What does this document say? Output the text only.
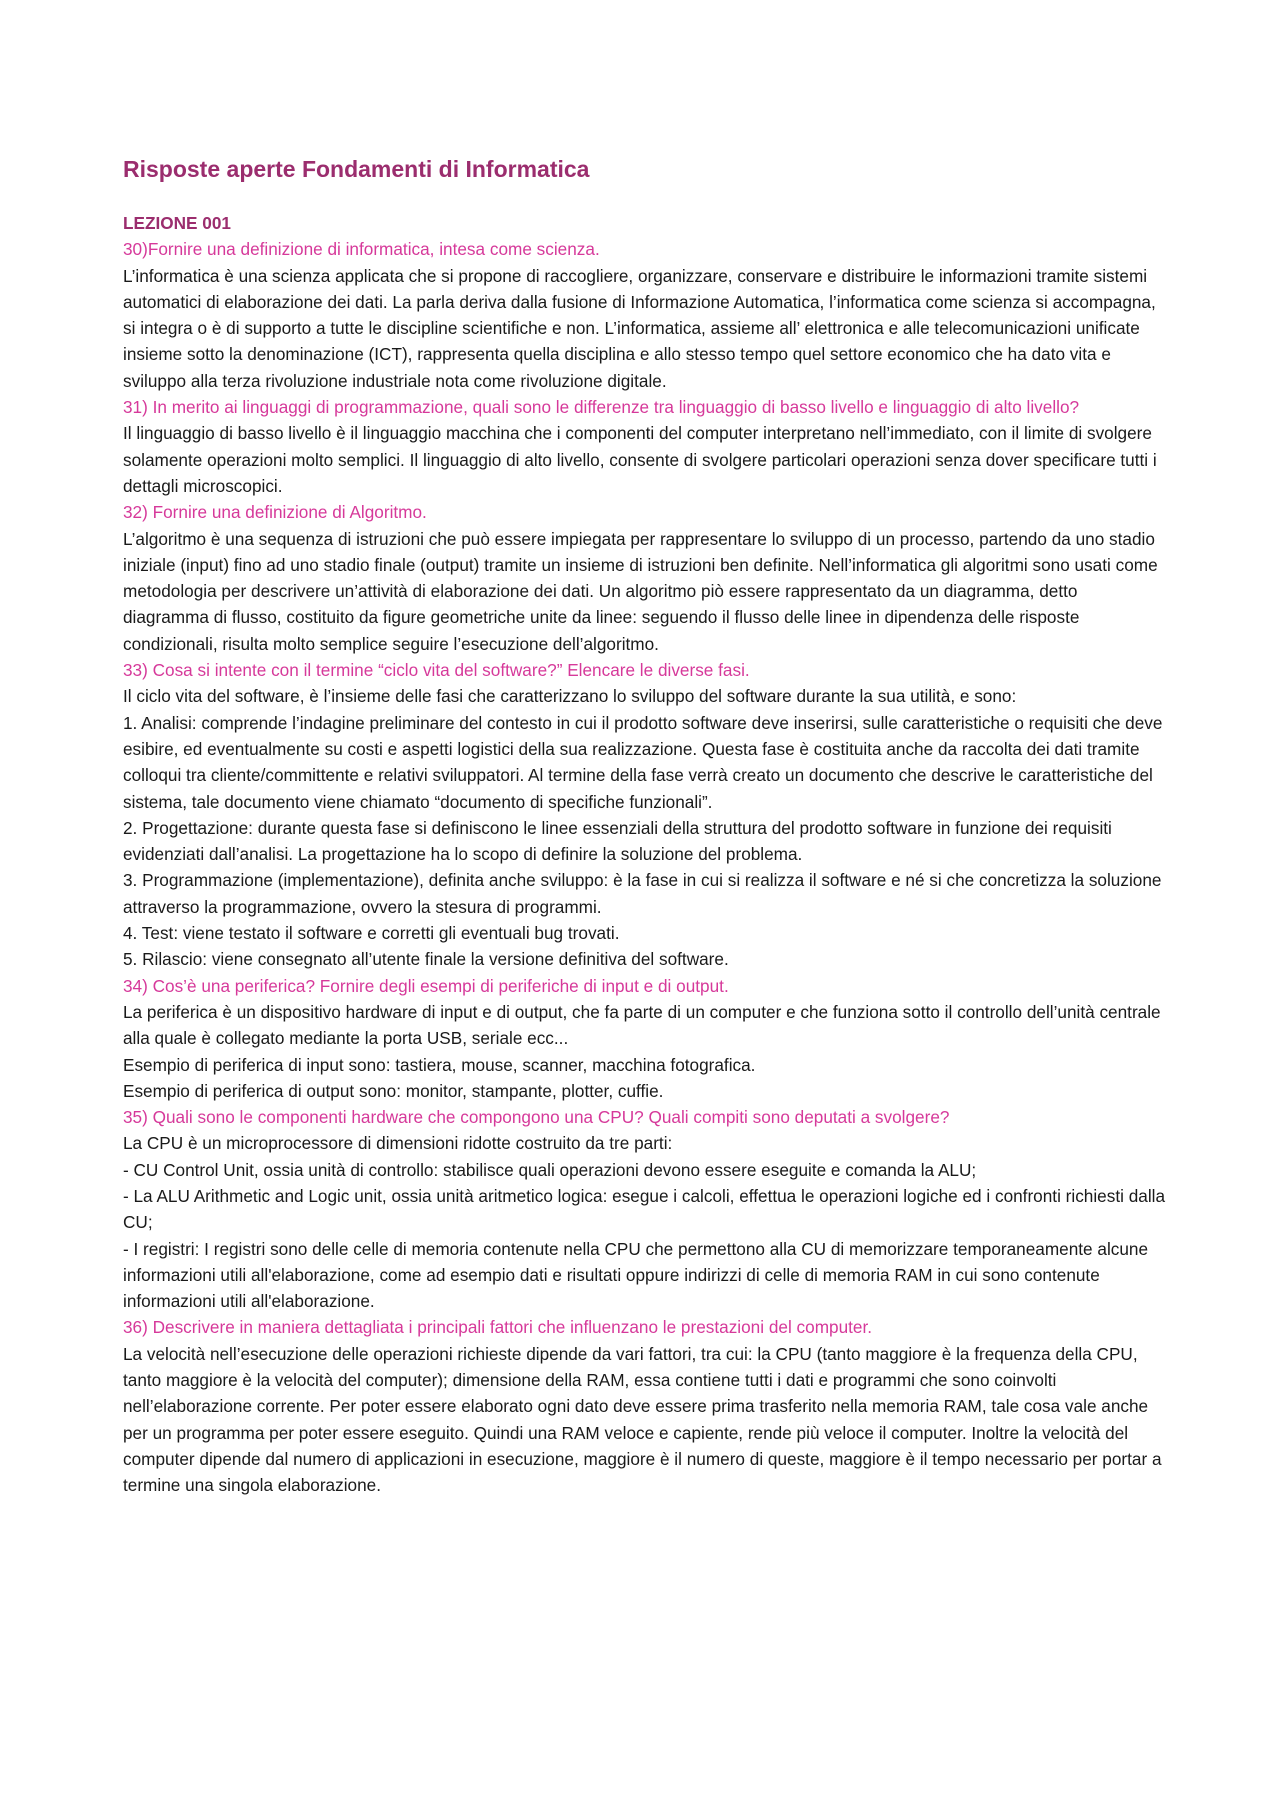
Risposte aperte Fondamenti di Informatica

LEZIONE 001

30)Fornire una definizione di informatica, intesa come scienza.

L’informatica è una scienza applicata che si propone di raccogliere, organizzare, conservare e distribuire le informazioni tramite sistemi automatici di elaborazione dei dati. La parla deriva dalla fusione di Informazione Automatica, l’informatica come scienza si accompagna, si integra o è di supporto a tutte le discipline scientifiche e non. L’informatica, assieme all’ elettronica e alle telecomunicazioni unificate insieme sotto la denominazione (ICT), rappresenta quella disciplina e allo stesso tempo quel settore economico che ha dato vita e sviluppo alla terza rivoluzione industriale nota come rivoluzione digitale.

31) In merito ai linguaggi di programmazione, quali sono le differenze tra linguaggio di basso livello e linguaggio di alto livello?

Il linguaggio di basso livello è il linguaggio macchina che i componenti del computer interpretano nell’immediato, con il limite di svolgere solamente operazioni molto semplici. Il linguaggio di alto livello, consente di svolgere particolari operazioni senza dover specificare tutti i dettagli microscopici.

32) Fornire una definizione di Algoritmo.

L’algoritmo è una sequenza di istruzioni che può essere impiegata per rappresentare lo sviluppo di un processo, partendo da uno stadio iniziale (input) fino ad uno stadio finale (output) tramite un insieme di istruzioni ben definite. Nell’informatica gli algoritmi sono usati come metodologia per descrivere un’attività di elaborazione dei dati. Un algoritmo piò essere rappresentato da un diagramma, detto diagramma di flusso, costituito da figure geometriche unite da linee: seguendo il flusso delle linee in dipendenza delle risposte condizionali, risulta molto semplice seguire l’esecuzione dell’algoritmo.

33) Cosa si intente con il termine “ciclo vita del software?” Elencare le diverse fasi.

Il ciclo vita del software, è l’insieme delle fasi che caratterizzano lo sviluppo del software durante la sua utilità, e sono:

1. Analisi: comprende l’indagine preliminare del contesto in cui il prodotto software deve inserirsi, sulle caratteristiche o requisiti che deve esibire, ed eventualmente su costi e aspetti logistici della sua realizzazione. Questa fase è costituita anche da raccolta dei dati tramite colloqui tra cliente/committente e relativi sviluppatori. Al termine della fase verrà creato un documento che descrive le caratteristiche del sistema, tale documento viene chiamato “documento di specifiche funzionali”.

2. Progettazione: durante questa fase si definiscono le linee essenziali della struttura del prodotto software in funzione dei requisiti evidenziati dall’analisi. La progettazione ha lo scopo di definire la soluzione del problema.

3. Programmazione (implementazione), definita anche sviluppo: è la fase in cui si realizza il software e né si che concretizza la soluzione attraverso la programmazione, ovvero la stesura di programmi.

4. Test: viene testato il software e corretti gli eventuali bug trovati.

5. Rilascio: viene consegnato all’utente finale la versione definitiva del software.

34) Cos’è una periferica? Fornire degli esempi di periferiche di input e di output.

La periferica è un dispositivo hardware di input e di output, che fa parte di un computer e che funziona sotto il controllo dell’unità centrale alla quale è collegato mediante la porta USB, seriale ecc...

Esempio di periferica di input sono: tastiera, mouse, scanner, macchina fotografica.

Esempio di periferica di output sono: monitor, stampante, plotter, cuffie.

35) Quali sono le componenti hardware che compongono una CPU? Quali compiti sono deputati a svolgere?

La CPU è un microprocessore di dimensioni ridotte costruito da tre parti:

- CU Control Unit, ossia unità di controllo: stabilisce quali operazioni devono essere eseguite e comanda la ALU;

- La ALU Arithmetic and Logic unit, ossia unità aritmetico logica: esegue i calcoli, effettua le operazioni logiche ed i confronti richiesti dalla CU;

- I registri: I registri sono delle celle di memoria contenute nella CPU che permettono alla CU di memorizzare temporaneamente alcune informazioni utili all'elaborazione, come ad esempio dati e risultati oppure indirizzi di celle di memoria RAM in cui sono contenute informazioni utili all'elaborazione.

36) Descrivere in maniera dettagliata i principali fattori che influenzano le prestazioni del computer.

La velocità nell’esecuzione delle operazioni richieste dipende da vari fattori, tra cui: la CPU (tanto maggiore è la frequenza della CPU, tanto maggiore è la velocità del computer); dimensione della RAM, essa contiene tutti i dati e programmi che sono coinvolti nell’elaborazione corrente. Per poter essere elaborato ogni dato deve essere prima trasferito nella memoria RAM, tale cosa vale anche per un programma per poter essere eseguito. Quindi una RAM veloce e capiente, rende più veloce il computer. Inoltre la velocità del computer dipende dal numero di applicazioni in esecuzione, maggiore è il numero di queste, maggiore è il tempo necessario per portar a termine una singola elaborazione.
